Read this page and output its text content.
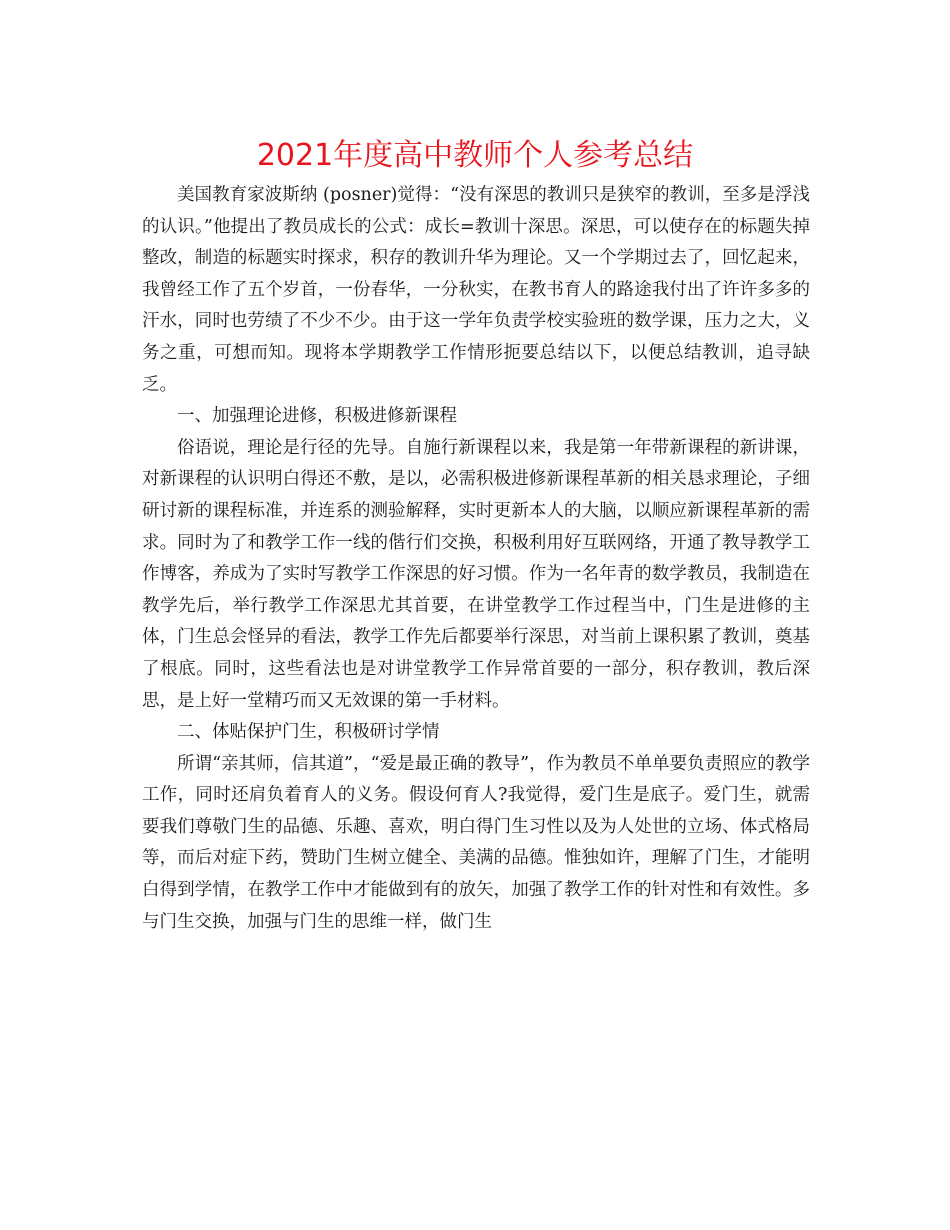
2021年度高中教师个人参考总结

美国教育家波斯纳 (posner)觉得：“没有深思的教训只是狭窄的教训，至多是浮浅的认识。”他提出了教员成长的公式：成长=教训十深思。深思，可以使存在的标题失掉整改，制造的标题实时探求，积存的教训升华为理论。又一个学期过去了，回忆起来，我曾经工作了五个岁首，一份春华，一分秋实，在教书育人的路途我付出了许许多多的汗水，同时也劳绩了不少不少。由于这一学年负责学校实验班的数学课，压力之大，义务之重，可想而知。现将本学期教学工作情形扼要总结以下，以便总结教训，追寻缺乏。

一、加强理论进修，积极进修新课程

俗语说，理论是行径的先导。自施行新课程以来，我是第一年带新课程的新讲课，对新课程的认识明白得还不敷，是以，必需积极进修新课程革新的相关恳求理论，子细研讨新的课程标准，并连系的测验解释，实时更新本人的大脑，以顺应新课程革新的需求。同时为了和教学工作一线的偕行们交换，积极利用好互联网络，开通了教导教学工作博客，养成为了实时写教学工作深思的好习惯。作为一名年青的数学教员，我制造在教学先后，举行教学工作深思尤其首要，在讲堂教学工作过程当中，门生是进修的主体，门生总会怪异的看法，教学工作先后都要举行深思，对当前上课积累了教训，奠基了根底。同时，这些看法也是对讲堂教学工作异常首要的一部分，积存教训，教后深思，是上好一堂精巧而又无效课的第一手材料。

二、体贴保护门生，积极研讨学情

所谓“亲其师，信其道”，“爱是最正确的教导”，作为教员不单单要负责照应的教学工作，同时还肩负着育人的义务。假设何育人?我觉得，爱门生是底子。爱门生，就需要我们尊敬门生的品德、乐趣、喜欢，明白得门生习性以及为人处世的立场、体式格局等，而后对症下药，赞助门生树立健全、美满的品德。惟独如许，理解了门生，才能明白得到学情，在教学工作中才能做到有的放矢，加强了教学工作的针对性和有效性。多与门生交换，加强与门生的思维一样，做门生
